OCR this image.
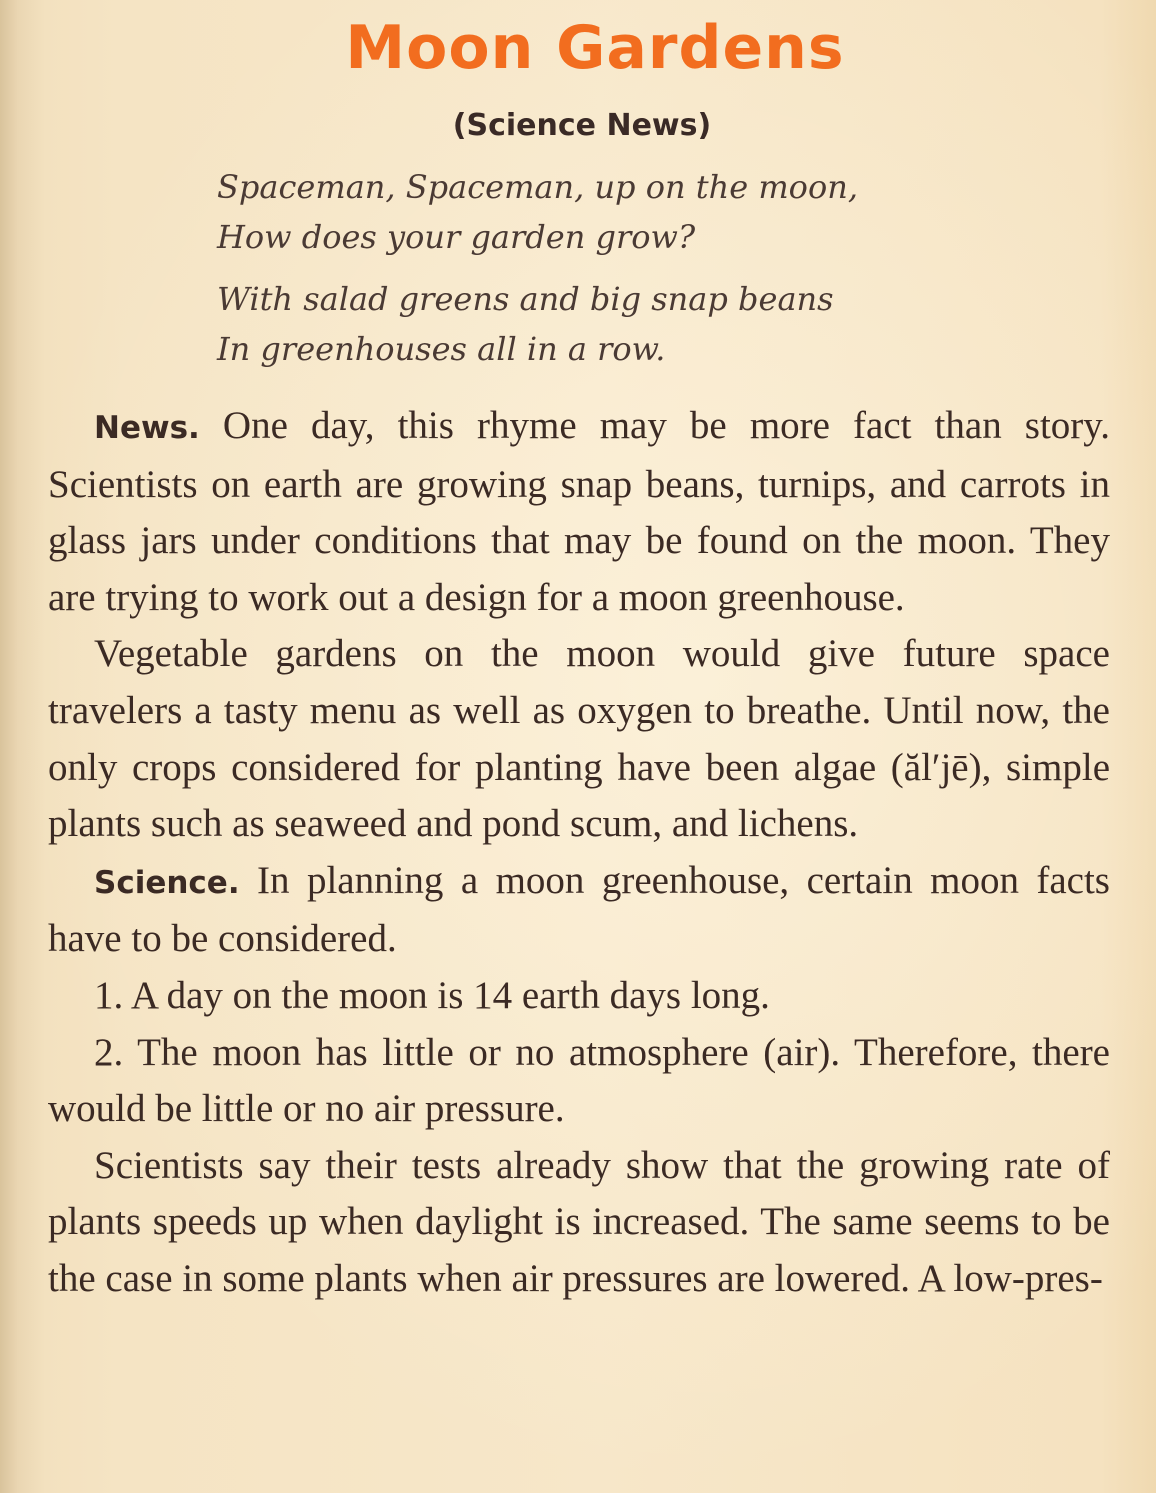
Moon Gardens
(Science News)
Spaceman, Spaceman, up on the moon,
How does your garden grow?
With salad greens and big snap beans
In greenhouses all in a row.

News. One day, this rhyme may be more fact than story. Scientists on earth are growing snap beans, turnips, and carrots in glass jars under conditions that may be found on the moon. They are trying to work out a design for a moon greenhouse.

Vegetable gardens on the moon would give future space travelers a tasty menu as well as oxygen to breathe. Until now, the only crops considered for planting have been algae (ăl′jē), simple plants such as seaweed and pond scum, and lichens.

Science. In planning a moon greenhouse, certain moon facts have to be considered.

1. A day on the moon is 14 earth days long.

2. The moon has little or no atmosphere (air). Therefore, there would be little or no air pressure.

Scientists say their tests already show that the growing rate of plants speeds up when daylight is increased. The same seems to be the case in some plants when air pressures are lowered. A low-pres-
